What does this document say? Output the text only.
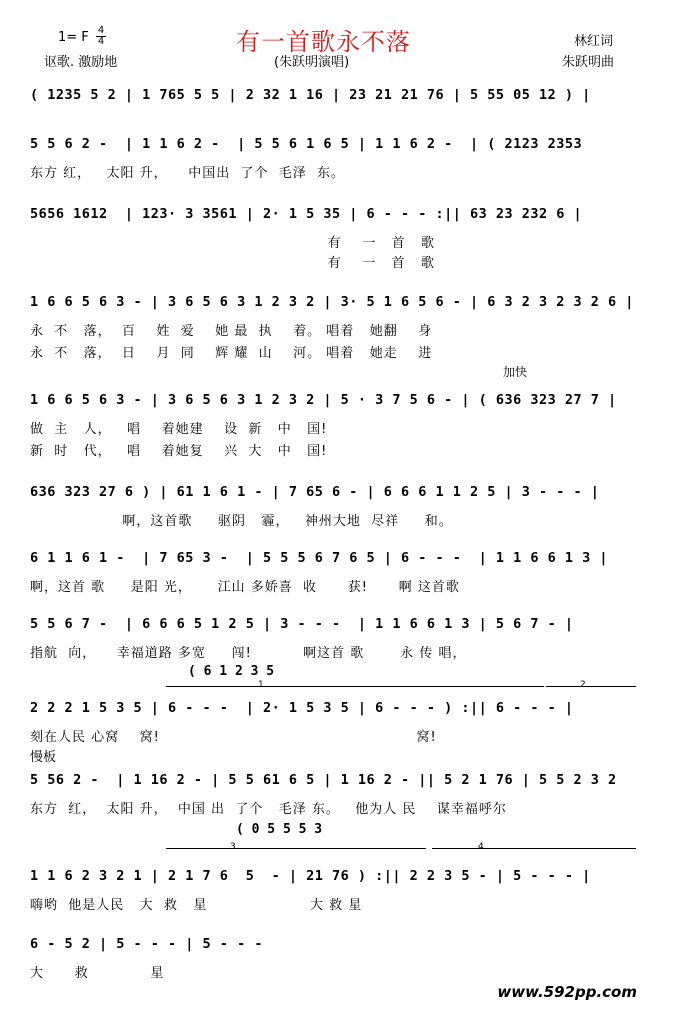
有一首歌永不落
1= F $\frac{4}{4}$
讴歌. 激励地	(朱跃明演唱)
林红词
朱跃明曲
( 1235 5 2 | 1 765 5 5 | 2 32 1 16 | 23 21 21 76 | 5 55 05 12 ) |
5 5 6 2 -  | 1 1 6 2 -  | 5 5 6 1 6 5 | 1 1 6 2 -  | ( 2123 2353
东方 红，   太阳 升，    中国出  了个  毛泽  东。
5656 1612  | 123· 3 3561 | 2· 1 5 35 | 6 - - - :|| 63 23 232 6 |
有    一   首   歌
有    一   首   歌
1 6 6 5 6 3 - | 3 6 5 6 3 1 2 3 2 | 3· 5 1 6 5 6 - | 6 3 2 3 2 3 2 6 |
永  不   落，  百    姓  爱    她 最  执    着。 唱着   她翻    身
永  不   落，  日    月  同    辉 耀  山    河。 唱着   她走    进
加快
1 6 6 5 6 3 - | 3 6 5 6 3 1 2 3 2 | 5 · 3 7 5 6 - | ( 636 323 27 7 |
做  主   人，   唱    着她建    设  新   中   国!
新  时   代，   唱    着她复    兴  大   中   国!
636 323 27 6 ) | 61 1 6 1 - | 7 65 6 - | 6 6 6 1 1 2 5 | 3 - - - |
啊，这首歌     驱阴   霾，   神州大地  尽祥     和。
6 1 1 6 1 -  | 7 65 3 -  | 5 5 5 6 7 6 5 | 6 - - -  | 1 1 6 6 1 3 |
啊，这首 歌     是阳 光，     江山 多娇喜  收      获!      啊 这首歌
5 5 6 7 -  | 6 6 6 5 1 2 5 | 3 - - -  | 1 1 6 6 1 3 | 5 6 7 - |
指航  向，    幸福道路 多宽     闯!          啊这首 歌       永 传 唱，
( 6 1 2 3 5
1	2
2 2 2 1 5 3 5 | 6 - - -  | 2· 1 5 3 5 | 6 - - - ) :|| 6 - - - |
刻在人民 心窝    窝!                                                  窝!
慢板
5 56 2 -  | 1 16 2 - | 5 5 61 6 5 | 1 16 2 - || 5 2 1 76 | 5 5 2 3 2
东方  红，  太阳 升，  中国 出  了个   毛泽 东。   他为人 民    谋幸福呼尔
( 0 5 5 5 3
3	4
1 1 6 2 3 2 1 | 2 1 7 6  5  - | 21 76 ) :|| 2 2 3 5 - | 5 - - - |
嗨哟  他是人民   大  救   星                    大 救 星
6 - 5 2 | 5 - - - | 5 - - -
大      救            星
www.592pp.com
